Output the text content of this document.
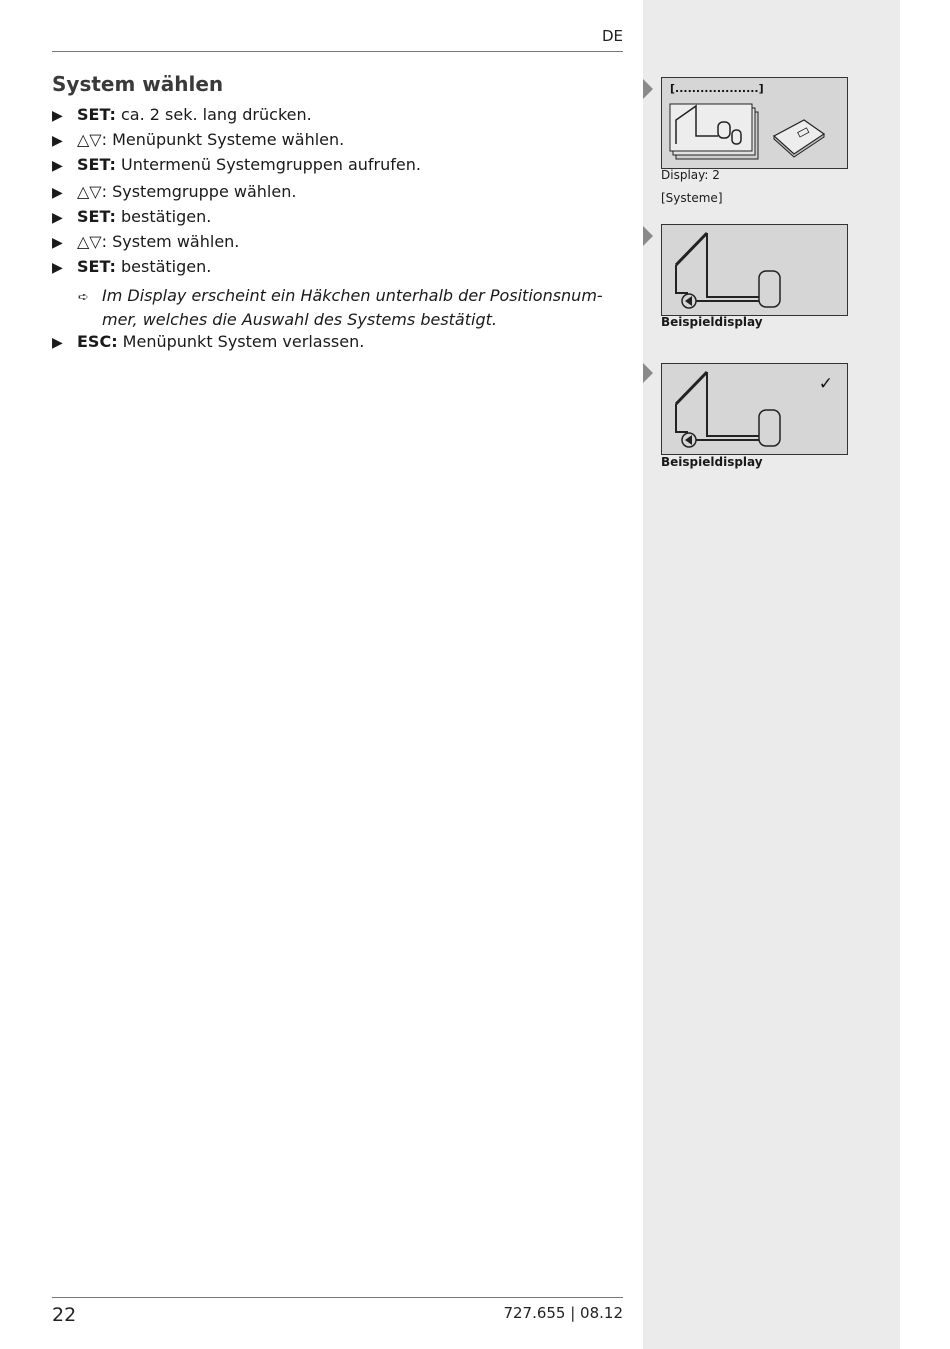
DE
System wählen
▶ SET: ca. 2 sek. lang drücken.
▶ △▽: Menüpunkt Systeme wählen.
▶ SET: Untermenü Systemgruppen aufrufen.
▶ △▽: Systemgruppe wählen.
▶ SET: bestätigen.
▶ △▽: System wählen.
▶ SET: bestätigen.
➪ Im Display erscheint ein Häkchen unterhalb der Positionsnum-
mer, welches die Auswahl des Systems bestätigt.
▶ ESC: Menüpunkt System verlassen.
[....................]
Display: 2
[Systeme]
Beispieldisplay
✓
Beispieldisplay
22	727.655 | 08.12
